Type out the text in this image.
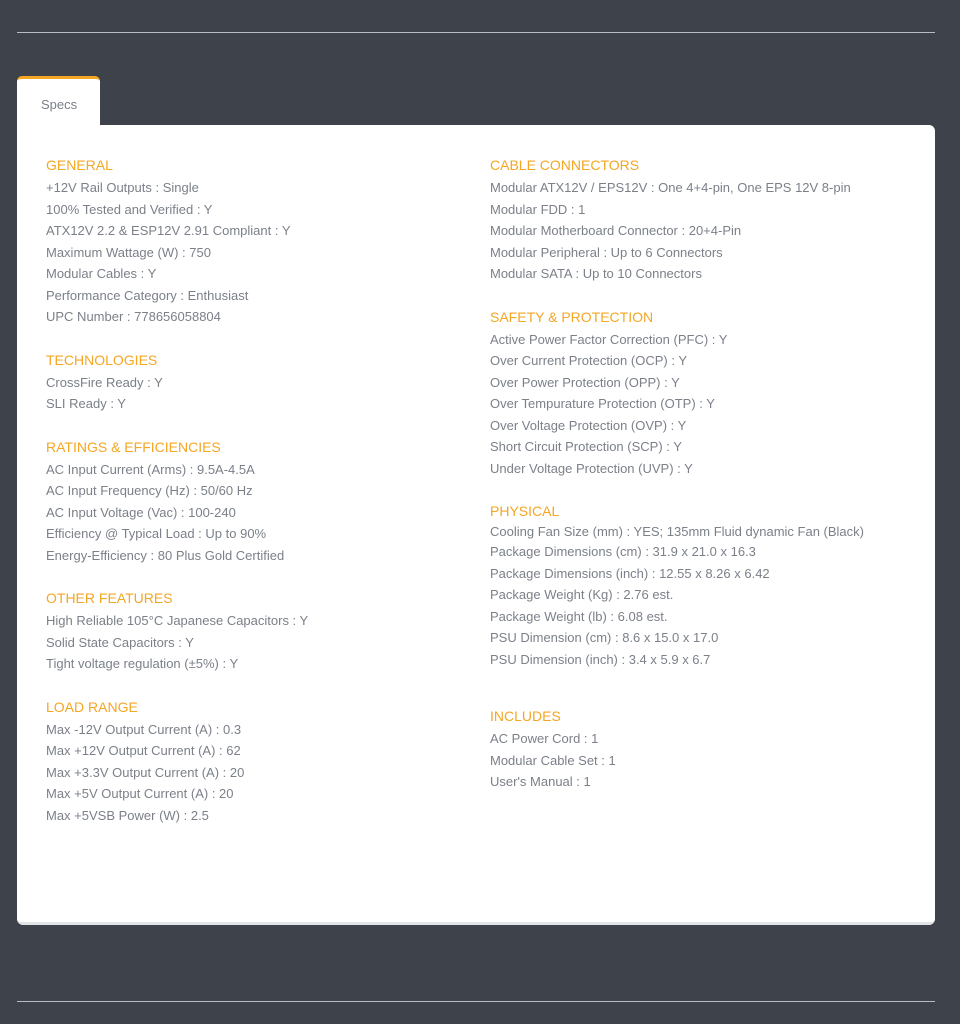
Specs
GENERAL
+12V Rail Outputs : Single
100% Tested and Verified : Y
ATX12V 2.2 & ESP12V 2.91 Compliant : Y
Maximum Wattage (W) : 750
Modular Cables : Y
Performance Category : Enthusiast
UPC Number : 778656058804
TECHNOLOGIES
CrossFire Ready : Y
SLI Ready : Y
RATINGS & EFFICIENCIES
AC Input Current (Arms) : 9.5A-4.5A
AC Input Frequency (Hz) : 50/60 Hz
AC Input Voltage (Vac) : 100-240
Efficiency @ Typical Load : Up to 90%
Energy-Efficiency : 80 Plus Gold Certified
OTHER FEATURES
High Reliable 105°C Japanese Capacitors : Y
Solid State Capacitors : Y
Tight voltage regulation (±5%) : Y
LOAD RANGE
Max -12V Output Current (A) : 0.3
Max +12V Output Current (A) : 62
Max +3.3V Output Current (A) : 20
Max +5V Output Current (A) : 20
Max +5VSB Power (W) : 2.5
CABLE CONNECTORS
Modular ATX12V / EPS12V : One 4+4-pin, One EPS 12V 8-pin
Modular FDD : 1
Modular Motherboard Connector : 20+4-Pin
Modular Peripheral : Up to 6 Connectors
Modular SATA : Up to 10 Connectors
SAFETY & PROTECTION
Active Power Factor Correction (PFC) : Y
Over Current Protection (OCP) : Y
Over Power Protection (OPP) : Y
Over Tempurature Protection (OTP) : Y
Over Voltage Protection (OVP) : Y
Short Circuit Protection (SCP) : Y
Under Voltage Protection (UVP) : Y
PHYSICAL
Cooling Fan Size (mm) : YES; 135mm Fluid dynamic Fan (Black)
Package Dimensions (cm) : 31.9 x 21.0 x 16.3
Package Dimensions (inch) : 12.55 x 8.26 x 6.42
Package Weight (Kg) : 2.76 est.
Package Weight (lb) : 6.08 est.
PSU Dimension (cm) : 8.6 x 15.0 x 17.0
PSU Dimension (inch) : 3.4 x 5.9 x 6.7
INCLUDES
AC Power Cord : 1
Modular Cable Set : 1
User's Manual : 1
